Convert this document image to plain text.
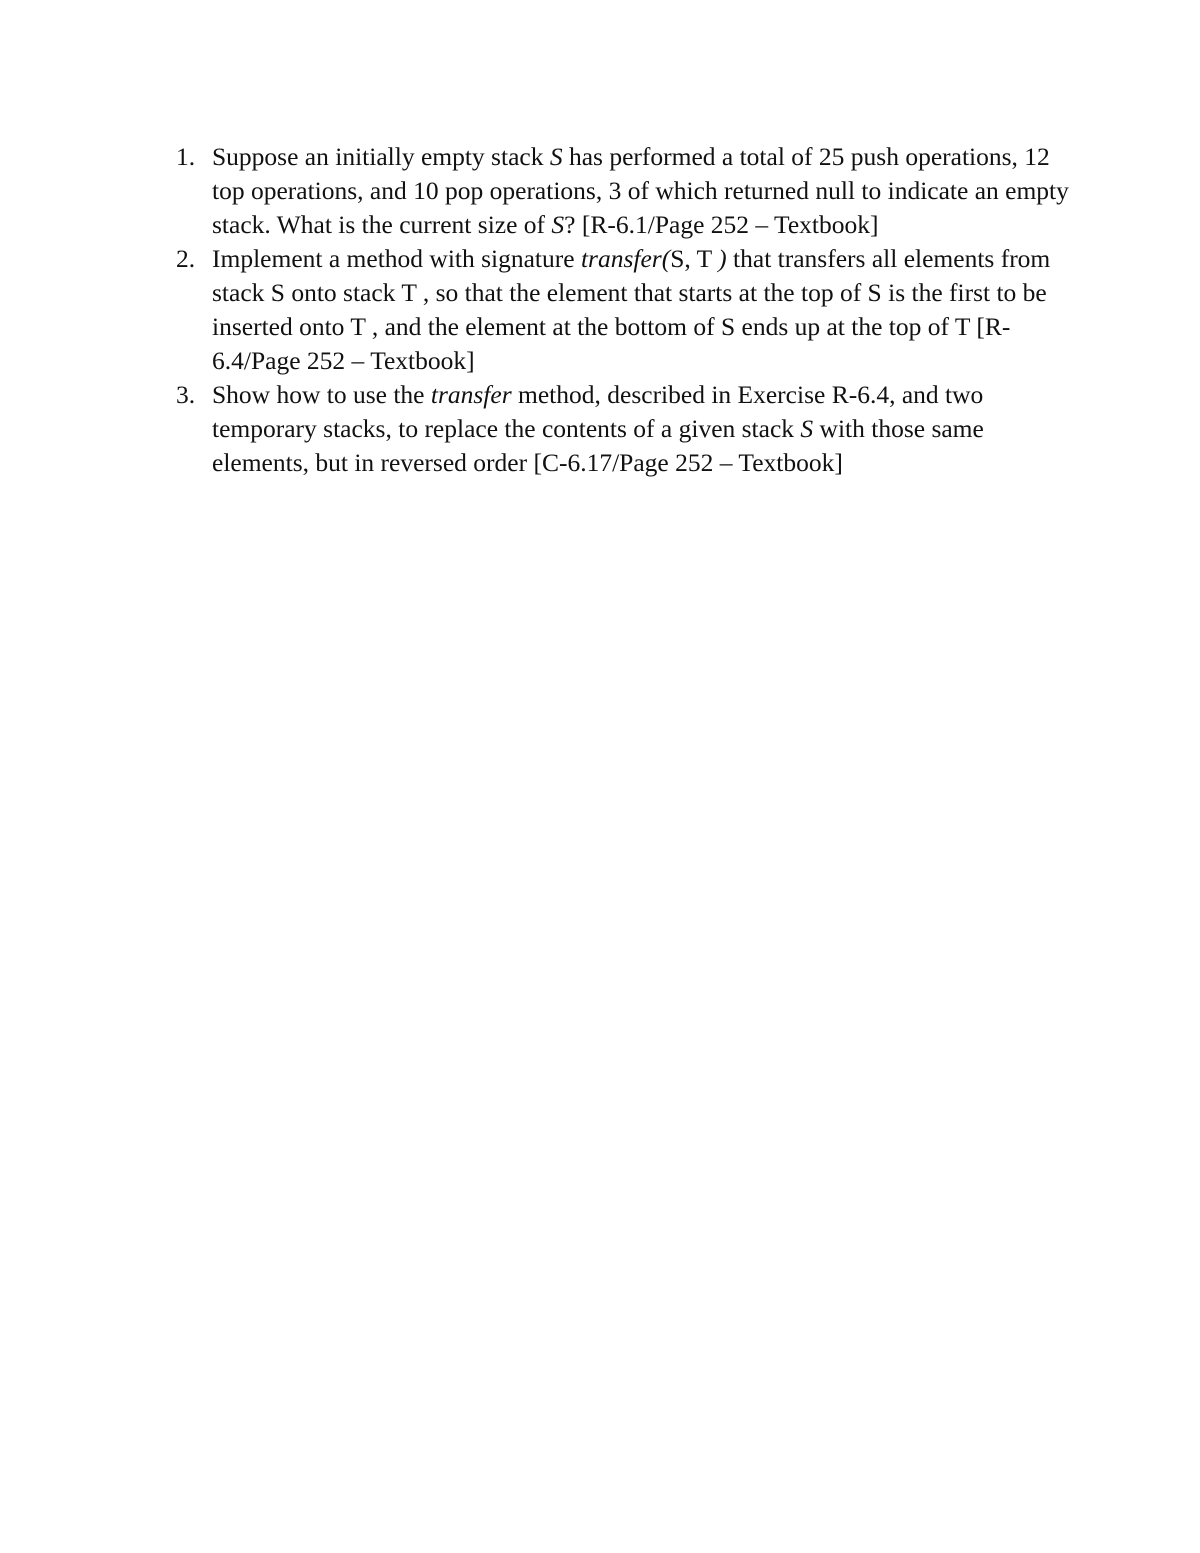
1. Suppose an initially empty stack S has performed a total of 25 push operations, 12 top operations, and 10 pop operations, 3 of which returned null to indicate an empty stack. What is the current size of S? [R-6.1/Page 252 – Textbook]
2. Implement a method with signature transfer(S, T ) that transfers all elements from stack S onto stack T , so that the element that starts at the top of S is the first to be inserted onto T , and the element at the bottom of S ends up at the top of T [R-6.4/Page 252 – Textbook]
3. Show how to use the transfer method, described in Exercise R-6.4, and two temporary stacks, to replace the contents of a given stack S with those same elements, but in reversed order [C-6.17/Page 252 – Textbook]
